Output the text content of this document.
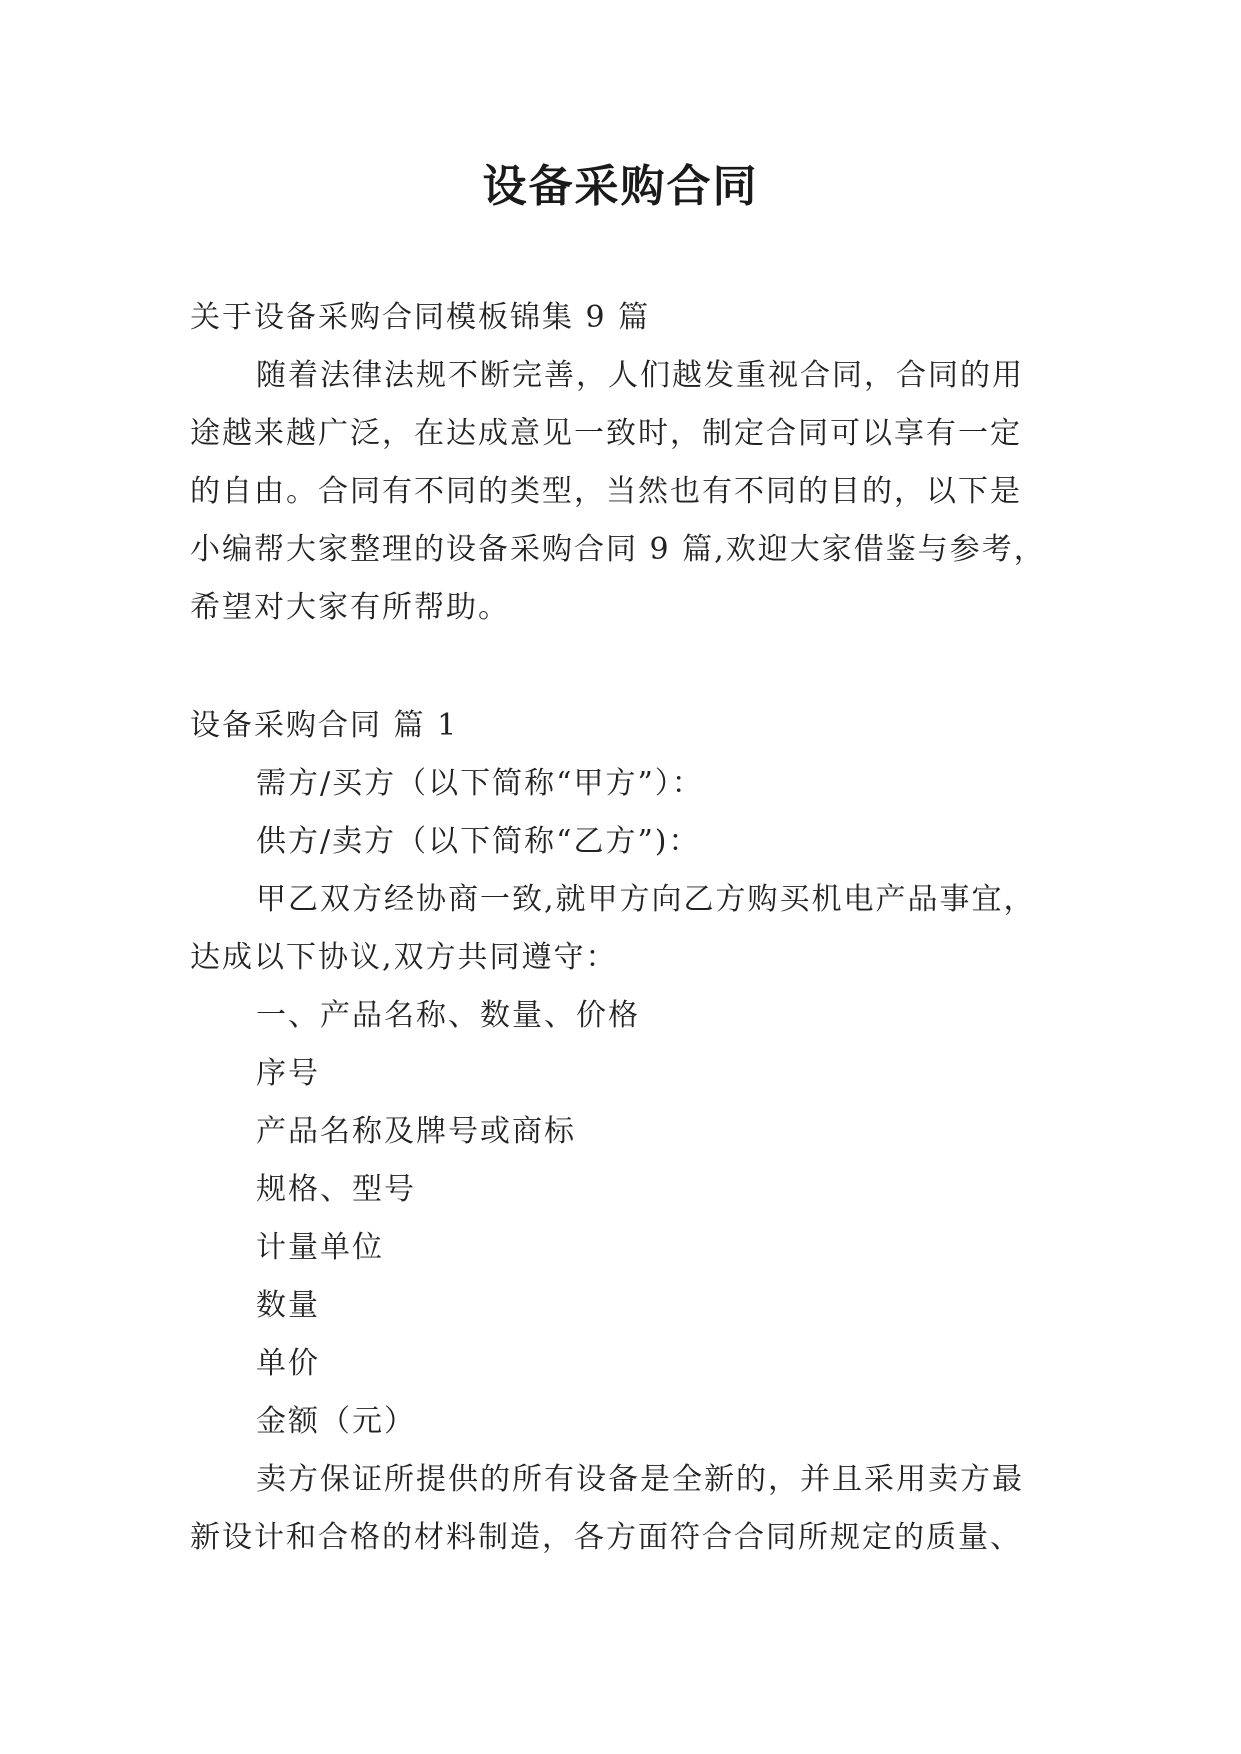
设备采购合同
关于设备采购合同模板锦集 9 篇
随着法律法规不断完善，人们越发重视合同，合同的用
途越来越广泛，在达成意见一致时，制定合同可以享有一定
的自由。合同有不同的类型，当然也有不同的目的，以下是
小编帮大家整理的设备采购合同 9 篇,欢迎大家借鉴与参考，
希望对大家有所帮助。
设备采购合同 篇 1
需方/买方（以下简称“甲方”）：
供方/卖方（以下简称“乙方”)：
甲乙双方经协商一致,就甲方向乙方购买机电产品事宜，
达成以下协议,双方共同遵守：
一、产品名称、数量、价格
序号
产品名称及牌号或商标
规格、型号
计量单位
数量
单价
金额（元）
卖方保证所提供的所有设备是全新的，并且采用卖方最
新设计和合格的材料制造，各方面符合合同所规定的质量、
